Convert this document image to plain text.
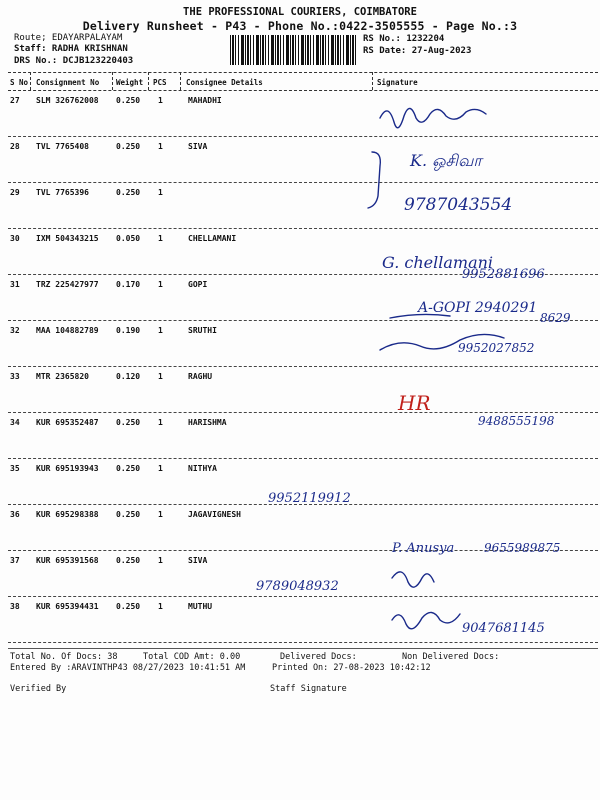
THE PROFESSIONAL COURIERS, COIMBATORE
Delivery Runsheet - P43 - Phone No.:0422-3505555 - Page No.:3
Route; EDAYARPALAYAM
Staff: RADHA KRISHNAN
DRS No.: DCJB123220403
RS No.: 1232204
RS Date: 27-Aug-2023
S No Consignment No Weight PCS	Consignee Details	Signature
27 SLM 326762008 0.250 1	MAHADHI
28 TVL 7765408	0.250 1	SIVA
29 TVL 7765396	0.250 1
30 IXM 504343215 0.050 1	CHELLAMANI
31 TRZ 225427977 0.170 1	GOPI
32 MAA 104882789 0.190 1	SRUTHI
33 MTR 2365820	0.120 1	RAGHU
34 KUR 695352487 0.250 1	HARISHMA
35 KUR 695193943 0.250 1	NITHYA
36 KUR 695298388 0.250 1	JAGAVIGNESH
37 KUR 695391568 0.250 1	SIVA
38 KUR 695394431 0.250 1	MUTHU
K. ஒசிவா
9787043554
G. chellamani
9952881696
A-GOPI 2940291
8629
9952027852
9488555198
9952119912
P. Anusya 9655989875
9789048932
9047681145
HR
Total No. Of Docs: 38	Total COD Amt: 0.00	Delivered Docs:	Non Delivered Docs:
Entered By :ARAVINTHP43 08/27/2023 10:41:51 AM	Printed On: 27-08-2023 10:42:12
Verified By	Staff Signature
